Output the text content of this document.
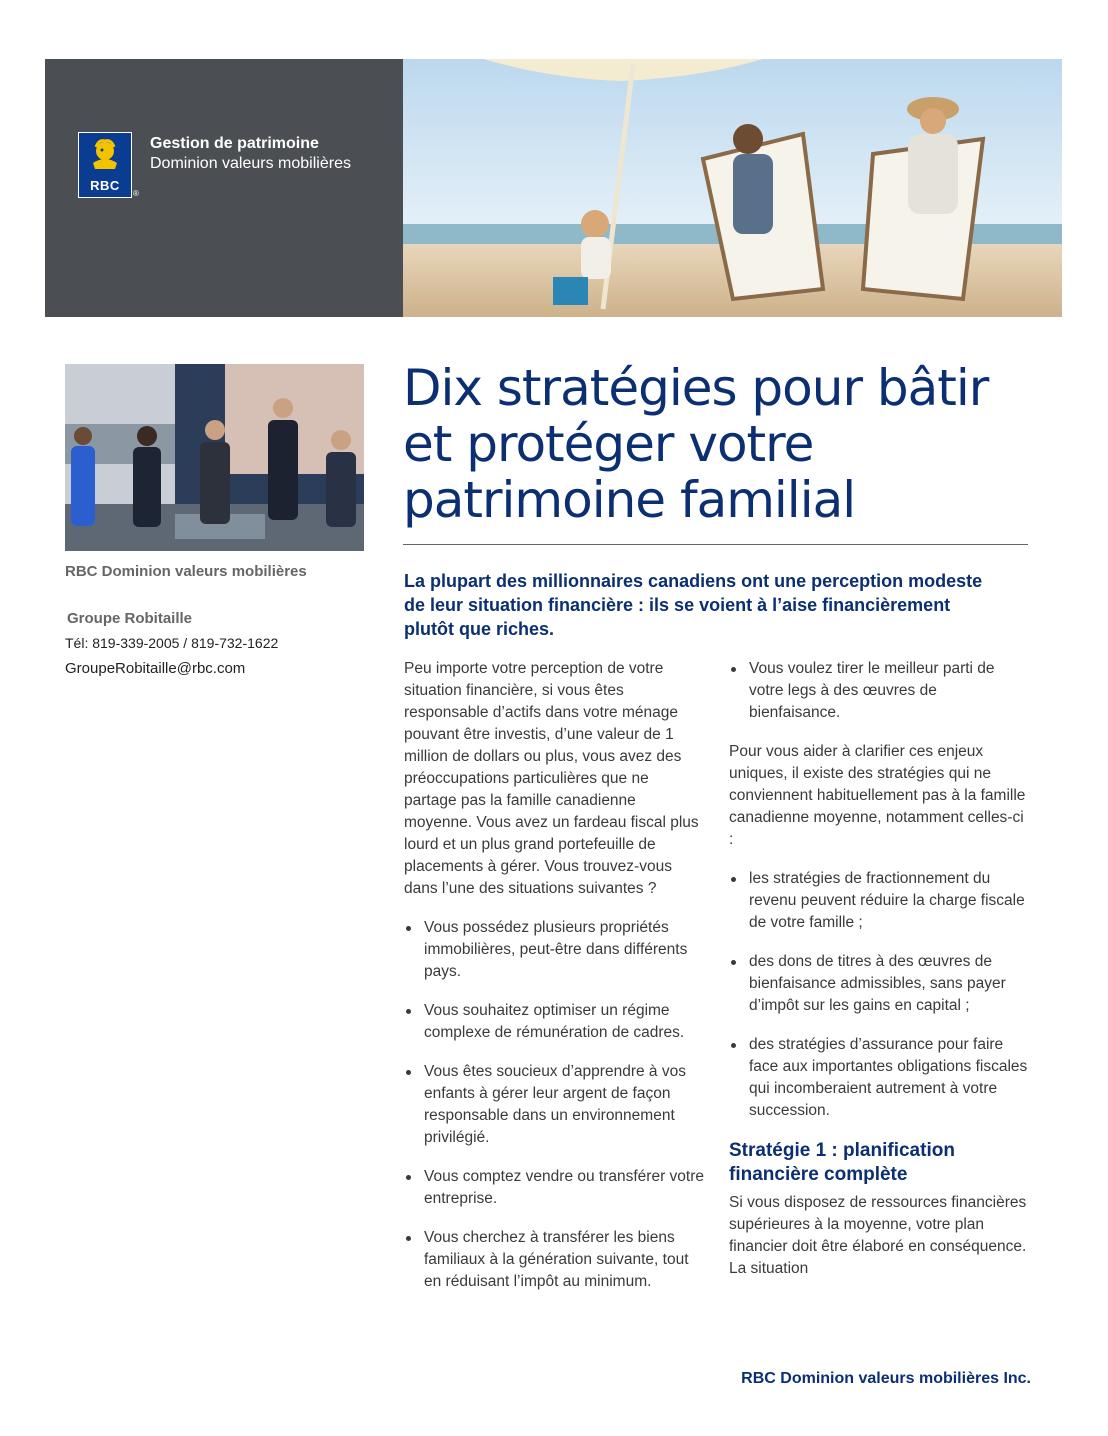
RBC
®
Gestion de patrimoine
Dominion valeurs mobilières
RBC Dominion valeurs mobilières
Groupe Robitaille
Tél: 819-339-2005 / 819-732-1622
GroupeRobitaille@rbc.com
Dix stratégies pour bâtir et protéger votre patrimoine familial

La plupart des millionnaires canadiens ont une perception modeste de leur situation financière : ils se voient à l’aise financièrement plutôt que riches.

Peu importe votre perception de votre situation financière, si vous êtes responsable d’actifs dans votre ménage pouvant être investis, d’une valeur de 1 million de dollars ou plus, vous avez des préoccupations particulières que ne partage pas la famille canadienne moyenne. Vous avez un fardeau fiscal plus lourd et un plus grand portefeuille de placements à gérer. Vous trouvez-vous dans l’une des situations suivantes ?

Vous possédez plusieurs propriétés immobilières, peut-être dans différents pays.
Vous souhaitez optimiser un régime complexe de rémunération de cadres.
Vous êtes soucieux d’apprendre à vos enfants à gérer leur argent de façon responsable dans un environnement privilégié.
Vous comptez vendre ou transférer votre entreprise.
Vous cherchez à transférer les biens familiaux à la génération suivante, tout en réduisant l’impôt au minimum.
Vous voulez tirer le meilleur parti de votre legs à des œuvres de bienfaisance.

Pour vous aider à clarifier ces enjeux uniques, il existe des stratégies qui ne conviennent habituellement pas à la famille canadienne moyenne, notamment celles-ci :

les stratégies de fractionnement du revenu peuvent réduire la charge fiscale de votre famille ;
des dons de titres à des œuvres de bienfaisance admissibles, sans payer d’impôt sur les gains en capital ;
des stratégies d’assurance pour faire face aux importantes obligations fiscales qui incomberaient autrement à votre succession.
Stratégie 1 : planification financière complète

Si vous disposez de ressources financières supérieures à la moyenne, votre plan financier doit être élaboré en conséquence. La situation

RBC Dominion valeurs mobilières Inc.
